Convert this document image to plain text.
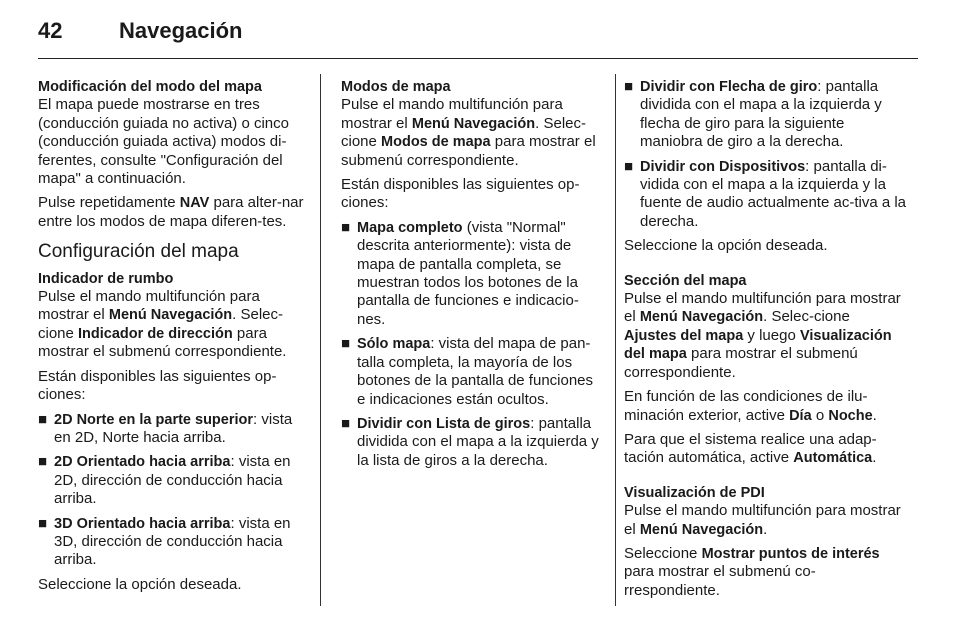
42	Navegación
Modificación del modo del mapa

El mapa puede mostrarse en tres (conducción guiada no activa) o cinco (conducción guiada activa) modos di-ferentes, consulte "Configuración del mapa" a continuación.

Pulse repetidamente NAV para alter-nar entre los modos de mapa diferen-tes.

Configuración del mapa
Indicador de rumbo

Pulse el mando multifunción para mostrar el Menú Navegación. Selec-cione Indicador de dirección para mostrar el submenú correspondiente.

Están disponibles las siguientes op-ciones:

■ 2D Norte en la parte superior: vista en 2D, Norte hacia arriba.
■ 2D Orientado hacia arriba: vista en 2D, dirección de conducción hacia arriba.
■ 3D Orientado hacia arriba: vista en 3D, dirección de conducción hacia arriba.

Seleccione la opción deseada.

Modos de mapa

Pulse el mando multifunción para mostrar el Menú Navegación. Selec-cione Modos de mapa para mostrar el submenú correspondiente.

Están disponibles las siguientes op-ciones:

■ Mapa completo (vista "Normal" descrita anteriormente): vista de mapa de pantalla completa, se muestran todos los botones de la pantalla de funciones e indicacio-nes.
■ Sólo mapa: vista del mapa de pan-talla completa, la mayoría de los botones de la pantalla de funciones e indicaciones están ocultos.
■ Dividir con Lista de giros: pantalla dividida con el mapa a la izquierda y la lista de giros a la derecha.
■ Dividir con Flecha de giro: pantalla dividida con el mapa a la izquierda y flecha de giro para la siguiente maniobra de giro a la derecha.
■ Dividir con Dispositivos: pantalla di-vidida con el mapa a la izquierda y la fuente de audio actualmente ac-tiva a la derecha.

Seleccione la opción deseada.

Sección del mapa

Pulse el mando multifunción para mostrar el Menú Navegación. Selec-cione Ajustes del mapa y luego Visualización del mapa para mostrar el submenú correspondiente.

En función de las condiciones de ilu-minación exterior, active Día o Noche.

Para que el sistema realice una adap-tación automática, active Automática.

Visualización de PDI

Pulse el mando multifunción para mostrar el Menú Navegación.

Seleccione Mostrar puntos de interés para mostrar el submenú co-rrespondiente.
